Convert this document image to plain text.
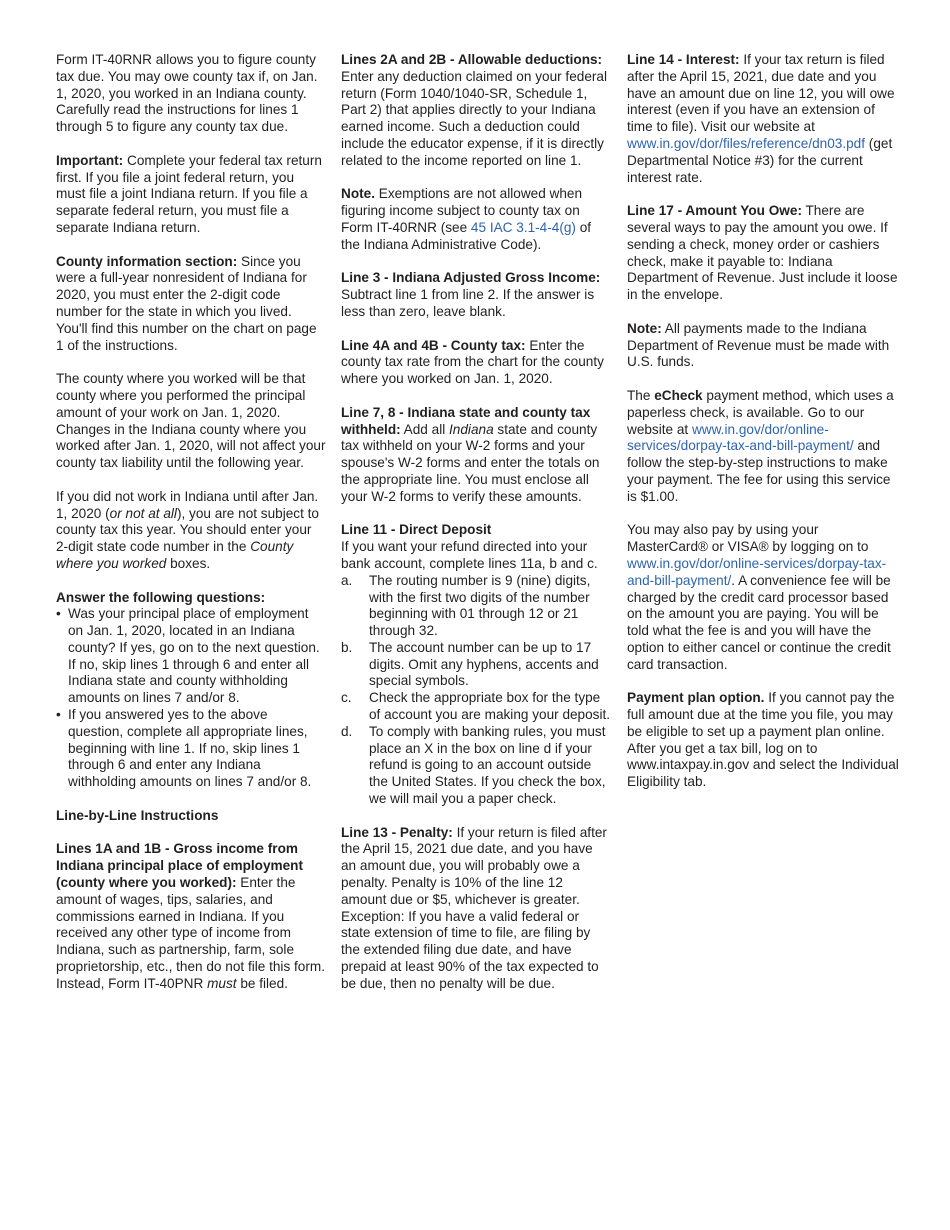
Form IT-40RNR allows you to figure county tax due. You may owe county tax if, on Jan. 1, 2020, you worked in an Indiana county. Carefully read the instructions for lines 1 through 5 to figure any county tax due.

Important: Complete your federal tax return first. If you file a joint federal return, you must file a joint Indiana return. If you file a separate federal return, you must file a separate Indiana return.

County information section: Since you were a full-year nonresident of Indiana for 2020, you must enter the 2-digit code number for the state in which you lived. You'll find this number on the chart on page 1 of the instructions.

The county where you worked will be that county where you performed the principal amount of your work on Jan. 1, 2020. Changes in the Indiana county where you worked after Jan. 1, 2020, will not affect your county tax liability until the following year.

If you did not work in Indiana until after Jan. 1, 2020 (or not at all), you are not subject to county tax this year. You should enter your 2-digit state code number in the County where you worked boxes.

Answer the following questions:
• Was your principal place of employment on Jan. 1, 2020, located in an Indiana county? If yes, go on to the next question. If no, skip lines 1 through 6 and enter all Indiana state and county withholding amounts on lines 7 and/or 8.
• If you answered yes to the above question, complete all appropriate lines, beginning with line 1. If no, skip lines 1 through 6 and enter any Indiana withholding amounts on lines 7 and/or 8.

Line-by-Line Instructions

Lines 1A and 1B - Gross income from Indiana principal place of employment (county where you worked): Enter the amount of wages, tips, salaries, and commissions earned in Indiana. If you received any other type of income from Indiana, such as partnership, farm, sole proprietorship, etc., then do not file this form. Instead, Form IT-40PNR must be filed.

Lines 2A and 2B - Allowable deductions: Enter any deduction claimed on your federal return (Form 1040/1040-SR, Schedule 1, Part 2) that applies directly to your Indiana earned income. Such a deduction could include the educator expense, if it is directly related to the income reported on line 1.

Note. Exemptions are not allowed when figuring income subject to county tax on Form IT-40RNR (see 45 IAC 3.1-4-4(g) of the Indiana Administrative Code).

Line 3 - Indiana Adjusted Gross Income: Subtract line 1 from line 2. If the answer is less than zero, leave blank.

Line 4A and 4B - County tax: Enter the county tax rate from the chart for the county where you worked on Jan. 1, 2020.

Line 7, 8 - Indiana state and county tax withheld: Add all Indiana state and county tax withheld on your W-2 forms and your spouse's W-2 forms and enter the totals on the appropriate line. You must enclose all your W-2 forms to verify these amounts.

Line 11 - Direct Deposit
If you want your refund directed into your bank account, complete lines 11a, b and c.
a. The routing number is 9 (nine) digits, with the first two digits of the number beginning with 01 through 12 or 21 through 32.
b. The account number can be up to 17 digits. Omit any hyphens, accents and special symbols.
c. Check the appropriate box for the type of account you are making your deposit.
d. To comply with banking rules, you must place an X in the box on line d if your refund is going to an account outside the United States. If you check the box, we will mail you a paper check.

Line 13 - Penalty: If your return is filed after the April 15, 2021 due date, and you have an amount due, you will probably owe a penalty. Penalty is 10% of the line 12 amount due or $5, whichever is greater. Exception: If you have a valid federal or state extension of time to file, are filing by the extended filing due date, and have prepaid at least 90% of the tax expected to be due, then no penalty will be due.

Line 14 - Interest: If your tax return is filed after the April 15, 2021, due date and you have an amount due on line 12, you will owe interest (even if you have an extension of time to file). Visit our website at www.in.gov/dor/files/reference/dn03.pdf (get Departmental Notice #3) for the current interest rate.

Line 17 - Amount You Owe: There are several ways to pay the amount you owe. If sending a check, money order or cashiers check, make it payable to: Indiana Department of Revenue. Just include it loose in the envelope.

Note: All payments made to the Indiana Department of Revenue must be made with U.S. funds.

The eCheck payment method, which uses a paperless check, is available. Go to our website at www.in.gov/dor/online-services/dorpay-tax-and-bill-payment/ and follow the step-by-step instructions to make your payment. The fee for using this service is $1.00.

You may also pay by using your MasterCard® or VISA® by logging on to www.in.gov/dor/online-services/dorpay-tax-and-bill-payment/. A convenience fee will be charged by the credit card processor based on the amount you are paying. You will be told what the fee is and you will have the option to either cancel or continue the credit card transaction.

Payment plan option. If you cannot pay the full amount due at the time you file, you may be eligible to set up a payment plan online. After you get a tax bill, log on to www.intaxpay.in.gov and select the Individual Eligibility tab.
